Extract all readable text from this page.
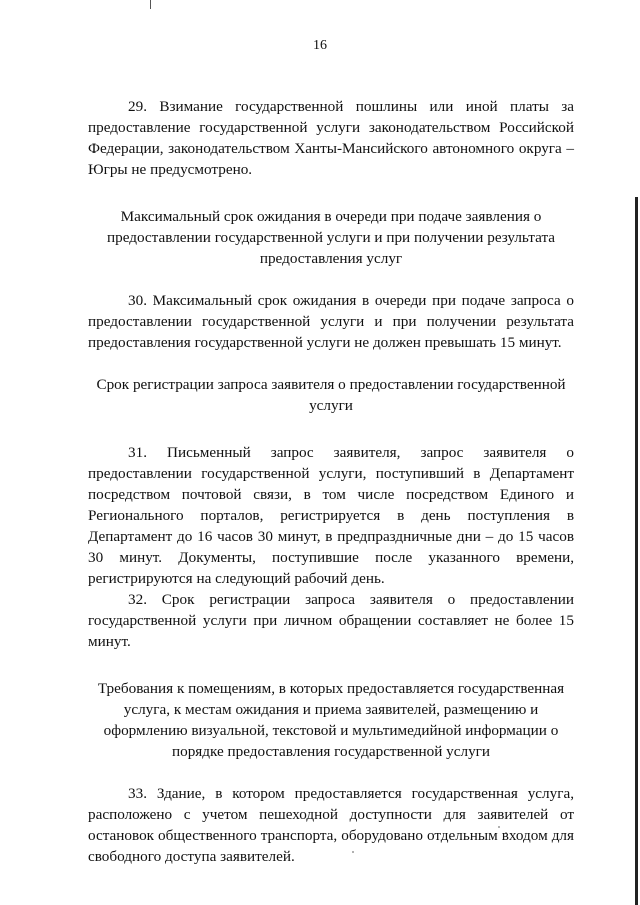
16

29. Взимание государственной пошлины или иной платы за предоставление государственной услуги законодательством Российской Федерации, законодательством Ханты-Мансийского автономного округа – Югры не предусмотрено.

Максимальный срок ожидания в очереди при подаче заявления о
предоставлении государственной услуги и при получении результата
предоставления услуг

30. Максимальный срок ожидания в очереди при подаче запроса о предоставлении государственной услуги и при получении результата предоставления государственной услуги не должен превышать 15 минут.

Срок регистрации запроса заявителя о предоставлении государственной
услуги

31. Письменный запрос заявителя, запрос заявителя о предоставлении государственной услуги, поступивший в Департамент посредством почтовой связи, в том числе посредством Единого и Регионального порталов, регистрируется в день поступления в Департамент до 16 часов 30 минут, в предпраздничные дни – до 15 часов 30 минут. Документы, поступившие после указанного времени, регистрируются на следующий рабочий день.

32. Срок регистрации запроса заявителя о предоставлении государственной услуги при личном обращении составляет не более 15 минут.

Требования к помещениям, в которых предоставляется государственная
услуга, к местам ожидания и приема заявителей, размещению и
оформлению визуальной, текстовой и мультимедийной информации о
порядке предоставления государственной услуги

33. Здание, в котором предоставляется государственная услуга, расположено с учетом пешеходной доступности для заявителей от остановок общественного транспорта, оборудовано отдельным входом для свободного доступа заявителей.
